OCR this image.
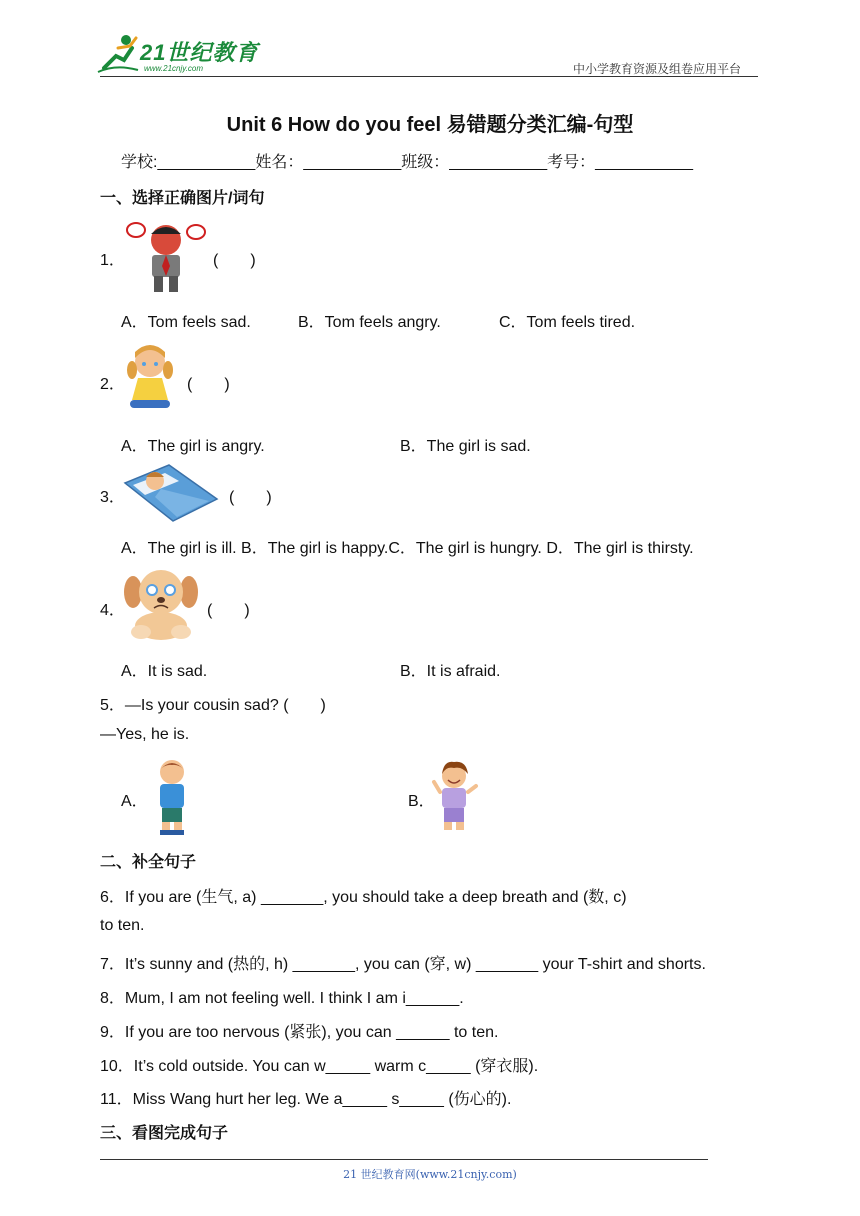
21世纪教育
www.21cnjy.com	中小学教育资源及组卷应用平台
Unit 6 How do you feel 易错题分类汇编-句型
学校:___________姓名：___________班级：___________考号：___________
一、选择正确图片/词句
1．	(　　)
A．Tom feels sad.	B．Tom feels angry.	C．Tom feels tired.
2．	(　　)
A．The girl is angry.	B．The girl is sad.
3．	(　　)
A．The girl is ill. B．The girl is happy.C．The girl is hungry. D．The girl is thirsty.
4．	(　　)
A．It is sad.	B．It is afraid.
5．—Is your cousin sad? (　　)
—Yes, he is.
A．	B．
二、补全句子
6．If you are (生气, a) _______, you should take a deep breath and (数, c)
to ten.
7．It’s sunny and (热的, h) _______, you can (穿, w) _______ your T-shirt and shorts.
8．Mum, I am not feeling well. I think I am i______.
9．If you are too nervous (紧张), you can ______ to ten.
10．It’s cold outside. You can w_____ warm c_____ (穿衣服).
11．Miss Wang hurt her leg. We a_____ s_____ (伤心的).
三、看图完成句子
21 世纪教育网(www.21cnjy.com)
